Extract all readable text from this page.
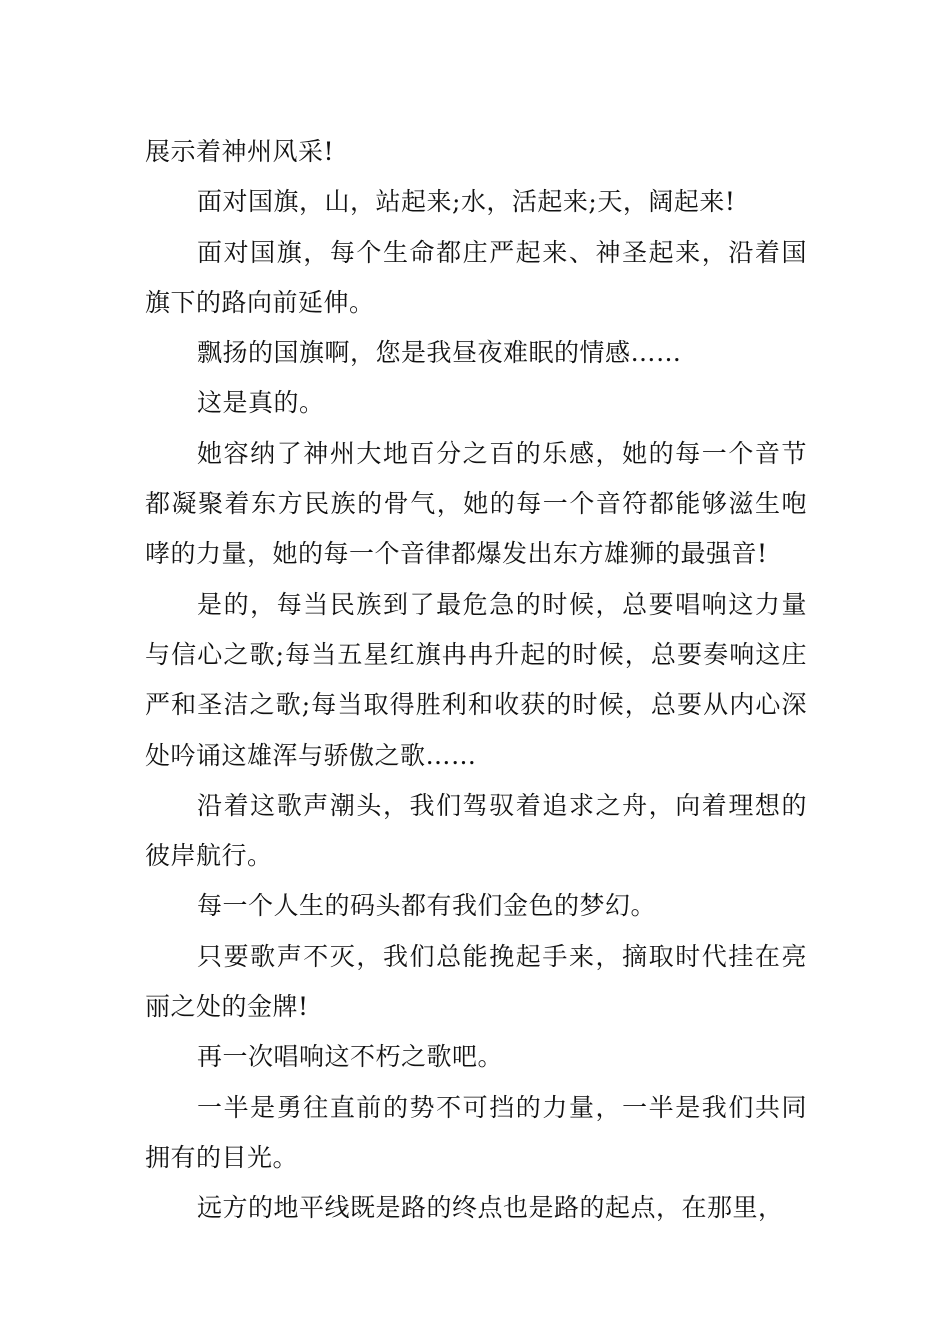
展示着神州风采!

面对国旗，山，站起来;水，活起来;天，阔起来!

面对国旗，每个生命都庄严起来、神圣起来，沿着国旗下的路向前延伸。

飘扬的国旗啊，您是我昼夜难眠的情感……

这是真的。

她容纳了神州大地百分之百的乐感，她的每一个音节都凝聚着东方民族的骨气，她的每一个音符都能够滋生咆哮的力量，她的每一个音律都爆发出东方雄狮的最强音!

是的，每当民族到了最危急的时候，总要唱响这力量与信心之歌;每当五星红旗冉冉升起的时候，总要奏响这庄严和圣洁之歌;每当取得胜利和收获的时候，总要从内心深处吟诵这雄浑与骄傲之歌……

沿着这歌声潮头，我们驾驭着追求之舟，向着理想的彼岸航行。

每一个人生的码头都有我们金色的梦幻。

只要歌声不灭，我们总能挽起手来，摘取时代挂在亮丽之处的金牌!

再一次唱响这不朽之歌吧。

一半是勇往直前的势不可挡的力量，一半是我们共同拥有的目光。

远方的地平线既是路的终点也是路的起点，在那里，
